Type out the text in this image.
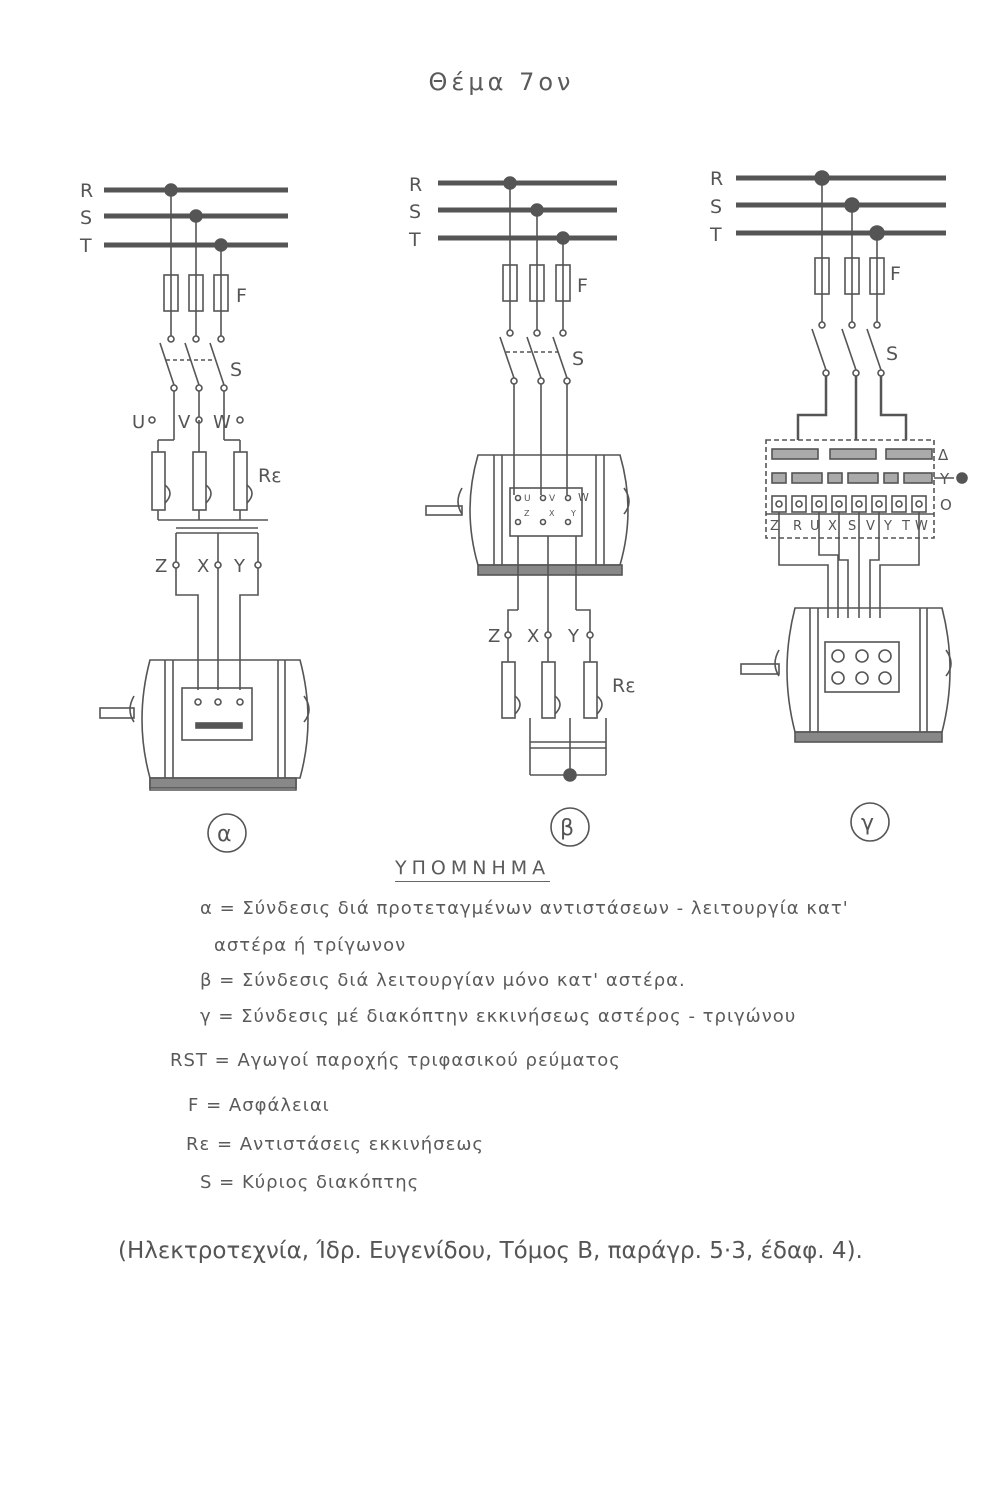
Θέμα 7ον
R
S
T
F
S
U V W
Rε
Z X Y
α
R
S
T
F
S
U V W
Z X Y
Z X Y
Rε
β
R
S
T
F
S
Δ
Y
O
Z R U X S V Y T W
γ
ΥΠΟΜΝΗΜΑ
α = Σύνδεσις διά προτεταγμένων αντιστάσεων - λειτουργία κατ'
αστέρα ή τρίγωνον
β = Σύνδεσις διά λειτουργίαν μόνο κατ' αστέρα.
γ = Σύνδεσις μέ διακόπτην εκκινήσεως αστέρος - τριγώνου
RST = Αγωγοί παροχής τριφασικού ρεύματος
F = Ασφάλειαι
Rε = Αντιστάσεις εκκινήσεως
S = Κύριος διακόπτης
(Ηλεκτροτεχνία, Ίδρ. Ευγενίδου, Τόμος Β, παράγρ. 5·3, έδαφ. 4).
